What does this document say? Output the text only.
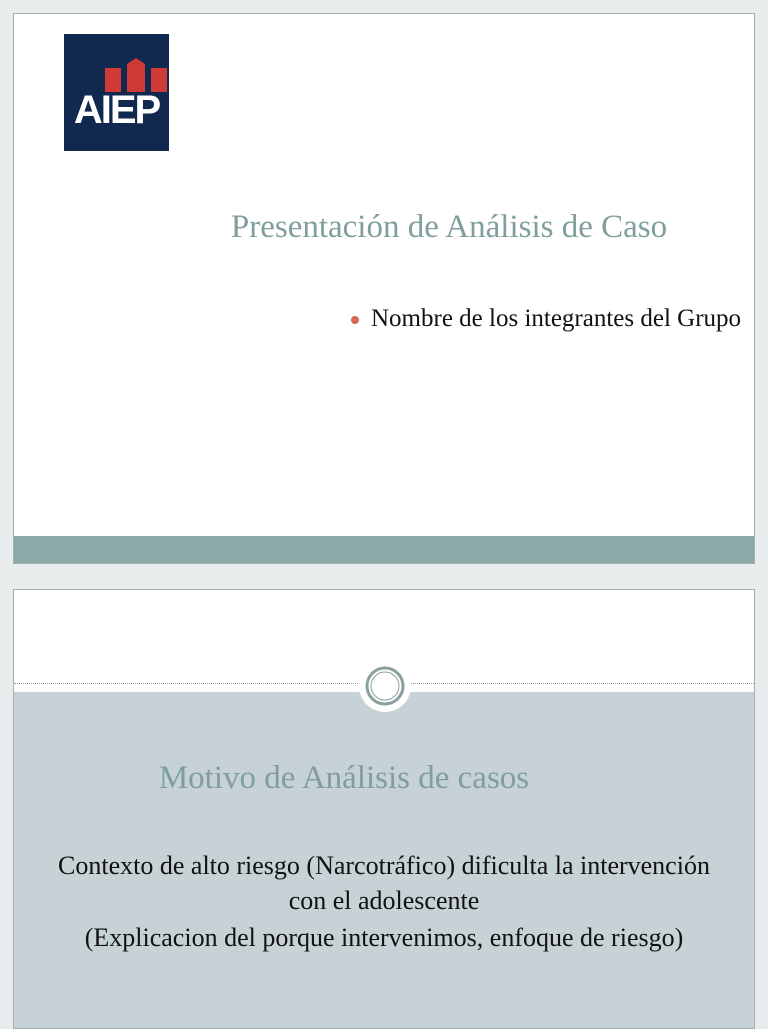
AIEP
Presentación de Análisis de Caso
Nombre de los integrantes del Grupo
Motivo de Análisis de casos

Contexto de alto riesgo (Narcotráfico) dificulta la intervención con el adolescente

(Explicacion del porque intervenimos, enfoque de riesgo)
